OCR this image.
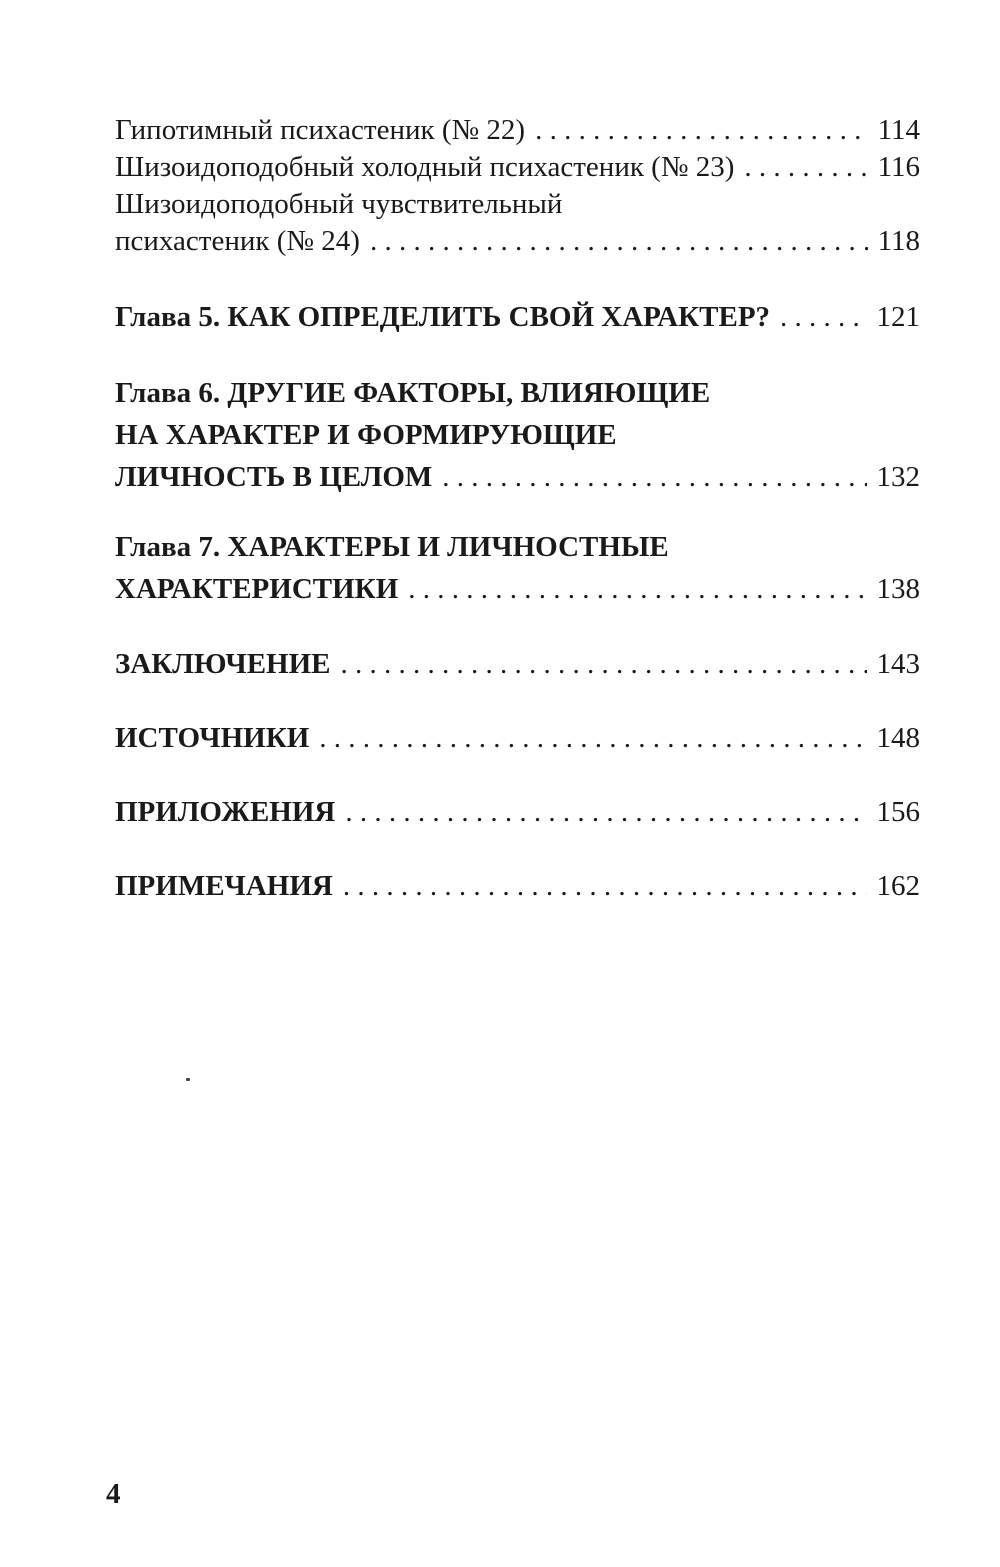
Гипотимный психастеник (№ 22) . . .	114
Шизоидоподобный холодный психастеник (№ 23) . . .	116
Шизоидоподобный чувствительный
психастеник (№ 24) . . .	118
Глава 5. КАК ОПРЕДЕЛИТЬ СВОЙ ХАРАКТЕР? . . .	121
Глава 6. ДРУГИЕ ФАКТОРЫ, ВЛИЯЮЩИЕ
НА ХАРАКТЕР И ФОРМИРУЮЩИЕ
ЛИЧНОСТЬ В ЦЕЛОМ . . .	132
Глава 7. ХАРАКТЕРЫ И ЛИЧНОСТНЫЕ
ХАРАКТЕРИСТИКИ . . .	138
ЗАКЛЮЧЕНИЕ . . .	143
ИСТОЧНИКИ . . .	148
ПРИЛОЖЕНИЯ . . .	156
ПРИМЕЧАНИЯ . . .	162
4
